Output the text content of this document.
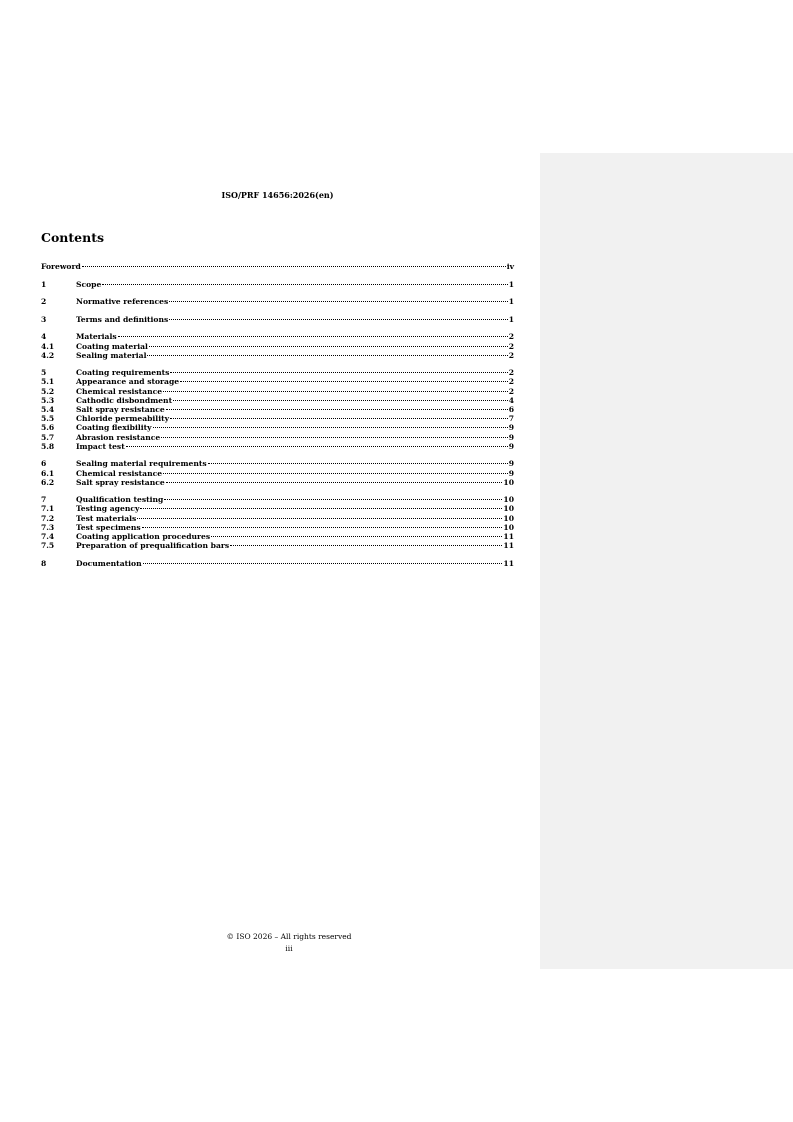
ISO/PRF 14656:2026(en)
Contents
Foreword	iv
1	Scope	1
2	Normative references	1
3	Terms and definitions	1
4	Materials	2
4.1	Coating material	2
4.2	Sealing material	2
5	Coating requirements	2
5.1	Appearance and storage	2
5.2	Chemical resistance	2
5.3	Cathodic disbondment	4
5.4	Salt spray resistance	6
5.5	Chloride permeability	7
5.6	Coating flexibility	9
5.7	Abrasion resistance	9
5.8	Impact test	9
6	Sealing material requirements	9
6.1	Chemical resistance	9
6.2	Salt spray resistance	10
7	Qualification testing	10
7.1	Testing agency	10
7.2	Test materials	10
7.3	Test specimens	10
7.4	Coating application procedures	11
7.5	Preparation of prequalification bars	11
8	Documentation	11
© ISO 2026 – All rights reserved
iii
